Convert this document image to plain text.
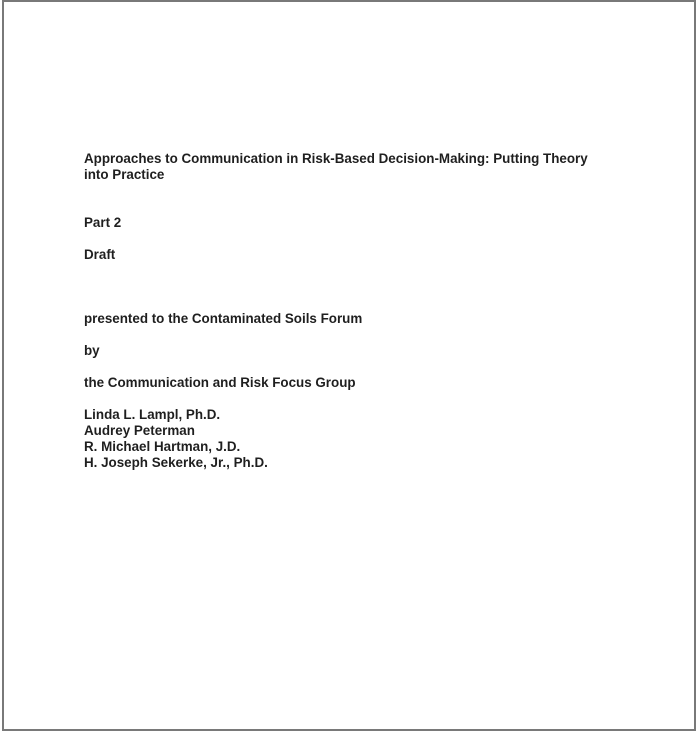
Approaches to Communication in Risk-Based Decision-Making: Putting Theory into Practice

Part 2

Draft

presented to the Contaminated Soils Forum

by

the Communication and Risk Focus Group

Linda L. Lampl, Ph.D.

Audrey Peterman

R. Michael Hartman, J.D.

H. Joseph Sekerke, Jr., Ph.D.
